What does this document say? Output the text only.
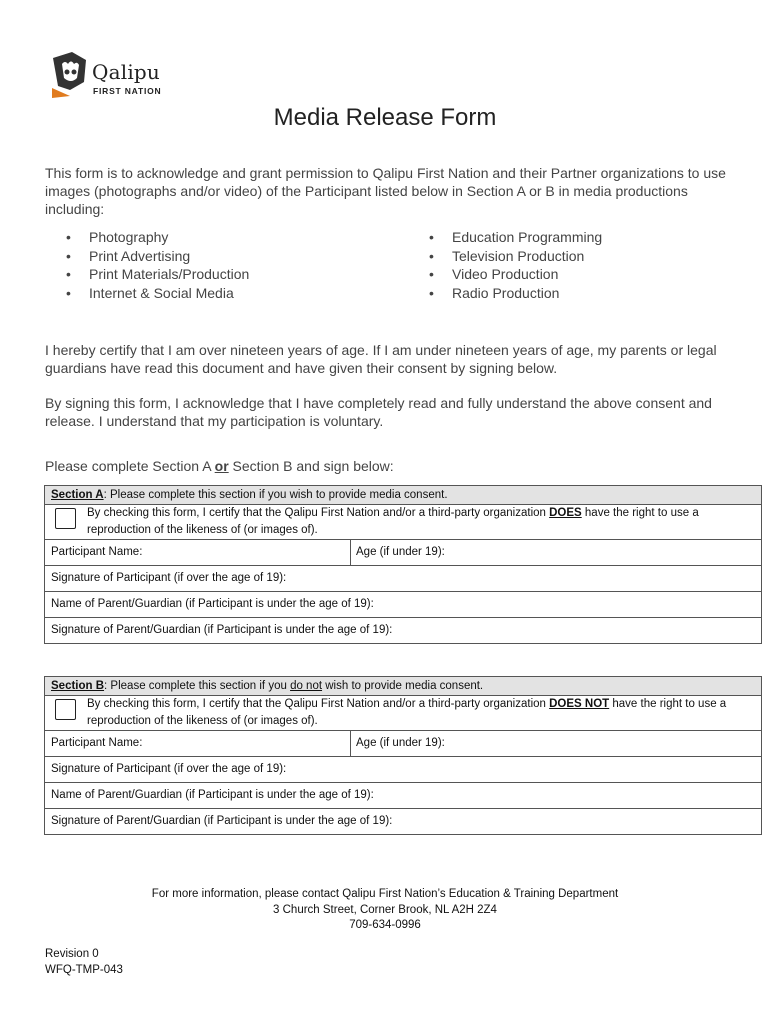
Qalipu
FIRST NATION
Media Release Form
This form is to acknowledge and grant permission to Qalipu First Nation and their Partner organizations to use images (photographs and/or video) of the Participant listed below in Section A or B in media productions including:
• Photography
• Print Advertising
• Print Materials/Production
• Internet & Social Media
• Education Programming
• Television Production
• Video Production
• Radio Production
I hereby certify that I am over nineteen years of age. If I am under nineteen years of age, my parents or legal guardians have read this document and have given their consent by signing below.
By signing this form, I acknowledge that I have completely read and fully understand the above consent and release. I understand that my participation is voluntary.
Please complete Section A or Section B and sign below:
Section A: Please complete this section if you wish to provide media consent.
By checking this form, I certify that the Qalipu First Nation and/or a third-party organization DOES have the right to use a reproduction of the likeness of (or images of).
Participant Name:	Age (if under 19):
Signature of Participant (if over the age of 19):
Name of Parent/Guardian (if Participant is under the age of 19):
Signature of Parent/Guardian (if Participant is under the age of 19):
Section B: Please complete this section if you do not wish to provide media consent.
By checking this form, I certify that the Qalipu First Nation and/or a third-party organization DOES NOT have the right to use a reproduction of the likeness of (or images of).
Participant Name:	Age (if under 19):
Signature of Participant (if over the age of 19):
Name of Parent/Guardian (if Participant is under the age of 19):
Signature of Parent/Guardian (if Participant is under the age of 19):
For more information, please contact Qalipu First Nation’s Education & Training Department
3 Church Street, Corner Brook, NL A2H 2Z4
709-634-0996
Revision 0
WFQ-TMP-043
